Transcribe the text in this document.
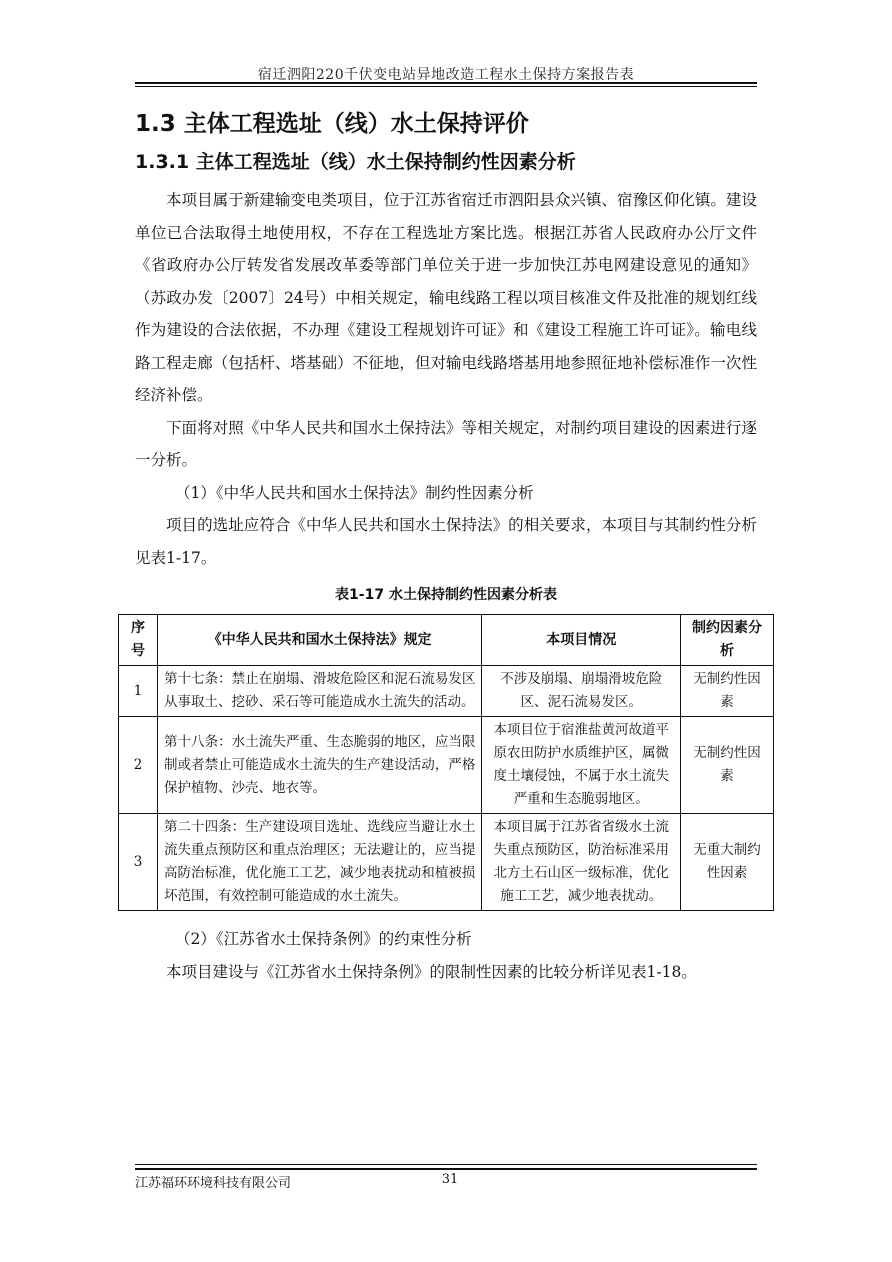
宿迁泗阳220千伏变电站异地改造工程水土保持方案报告表
1.3 主体工程选址（线）水土保持评价
1.3.1 主体工程选址（线）水土保持制约性因素分析

本项目属于新建输变电类项目，位于江苏省宿迁市泗阳县众兴镇、宿豫区仰化镇。建设单位已合法取得土地使用权，不存在工程选址方案比选。根据江苏省人民政府办公厅文件《省政府办公厅转发省发展改革委等部门单位关于进一步加快江苏电网建设意见的通知》（苏政办发〔2007〕24号）中相关规定，输电线路工程以项目核准文件及批准的规划红线作为建设的合法依据，不办理《建设工程规划许可证》和《建设工程施工许可证》。输电线路工程走廊（包括杆、塔基础）不征地，但对输电线路塔基用地参照征地补偿标准作一次性经济补偿。

下面将对照《中华人民共和国水土保持法》等相关规定，对制约项目建设的因素进行逐一分析。

（1）《中华人民共和国水土保持法》制约性因素分析

项目的选址应符合《中华人民共和国水土保持法》的相关要求，本项目与其制约性分析见表1-17。

表1-17 水土保持制约性因素分析表
序号	《中华人民共和国水土保持法》规定	本项目情况	制约因素分析
1	第十七条：禁止在崩塌、滑坡危险区和泥石流易发区从事取土、挖砂、采石等可能造成水土流失的活动。	不涉及崩塌、崩塌滑坡危险区、泥石流易发区。	无制约性因素
2	第十八条：水土流失严重、生态脆弱的地区，应当限制或者禁止可能造成水土流失的生产建设活动，严格保护植物、沙壳、地衣等。	本项目位于宿淮盐黄河故道平原农田防护水质维护区，属微度土壤侵蚀，不属于水土流失严重和生态脆弱地区。	无制约性因素
3	第二十四条：生产建设项目选址、选线应当避让水土流失重点预防区和重点治理区；无法避让的，应当提高防治标准，优化施工工艺，减少地表扰动和植被损坏范围，有效控制可能造成的水土流失。	本项目属于江苏省省级水土流失重点预防区，防治标准采用北方土石山区一级标准，优化施工工艺，减少地表扰动。	无重大制约性因素

（2）《江苏省水土保持条例》的约束性分析

本项目建设与《江苏省水土保持条例》的限制性因素的比较分析详见表1-18。

江苏福环环境科技有限公司	31
